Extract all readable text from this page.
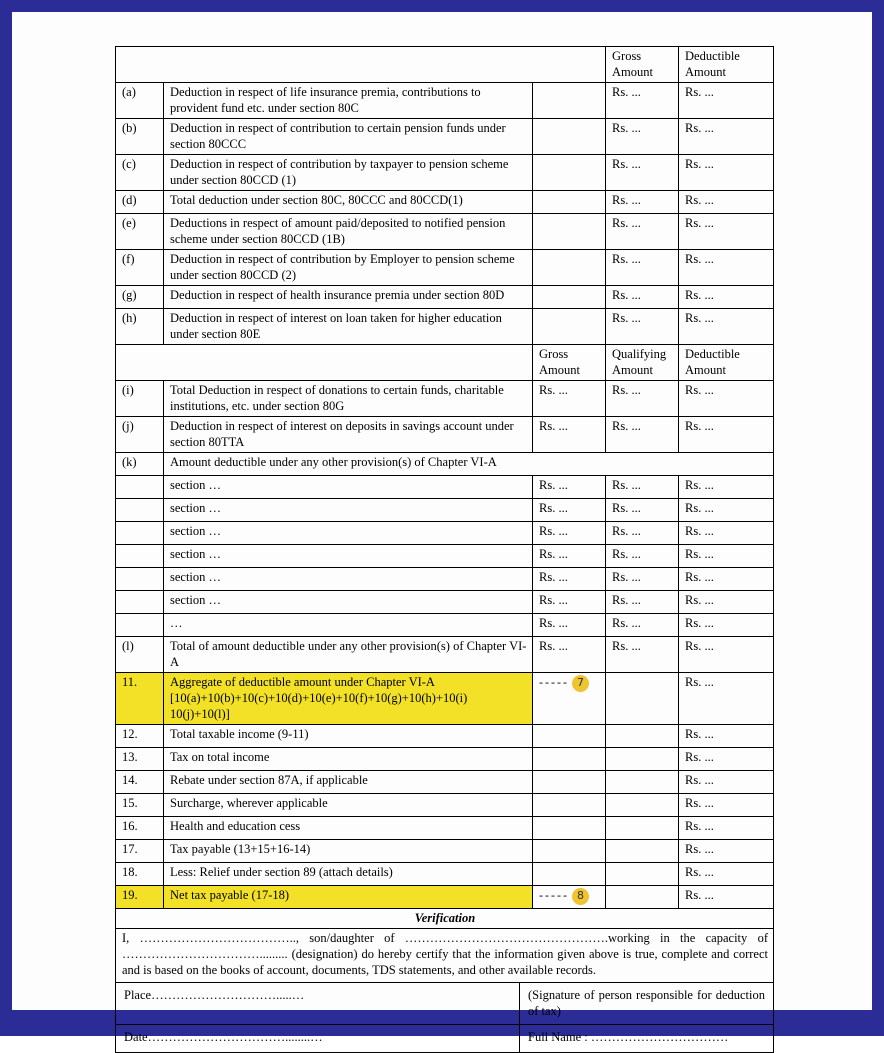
			Gross Amount	Deductible Amount
(a)	Deduction in respect of life insurance premia, contributions to provident fund etc. under section 80C		Rs. ...	Rs. ...
(b)	Deduction in respect of contribution to certain pension funds under section 80CCC		Rs. ...	Rs. ...
(c)	Deduction in respect of contribution by taxpayer to pension scheme under section 80CCD (1)		Rs. ...	Rs. ...
(d)	Total deduction under section 80C, 80CCC and 80CCD(1)		Rs. ...	Rs. ...
(e)	Deductions in respect of amount paid/deposited to notified pension scheme under section 80CCD (1B)		Rs. ...	Rs. ...
(f)	Deduction in respect of contribution by Employer to pension scheme under section 80CCD (2)		Rs. ...	Rs. ...
(g)	Deduction in respect of health insurance premia under section 80D		Rs. ...	Rs. ...
(h)	Deduction in respect of interest on loan taken for higher education under section 80E		Rs. ...	Rs. ...
		Gross Amount	Qualifying Amount	Deductible Amount
(i)	Total Deduction in respect of donations to certain funds, charitable institutions, etc. under section 80G	Rs. ...	Rs. ...	Rs. ...
(j)	Deduction in respect of interest on deposits in savings account under section 80TTA	Rs. ...	Rs. ...	Rs. ...
(k)	Amount deductible under any other provision(s) of Chapter VI-A			
	section …	Rs. ...	Rs. ...	Rs. ...
	section …	Rs. ...	Rs. ...	Rs. ...
	section …	Rs. ...	Rs. ...	Rs. ...
	section …	Rs. ...	Rs. ...	Rs. ...
	section …	Rs. ...	Rs. ...	Rs. ...
	section …	Rs. ...	Rs. ...	Rs. ...
	…	Rs. ...	Rs. ...	Rs. ...
(l)	Total of amount deductible under any other provision(s) of Chapter VI-A	Rs. ...	Rs. ...	Rs. ...
11.	Aggregate of deductible amount under Chapter VI-A [10(a)+10(b)+10(c)+10(d)+10(e)+10(f)+10(g)+10(h)+10(i) 10(j)+10(l)]	----- 7		Rs. ...
12.	Total taxable income (9-11)			Rs. ...
13.	Tax on total income			Rs. ...
14.	Rebate under section 87A, if applicable			Rs. ...
15.	Surcharge, wherever applicable			Rs. ...
16.	Health and education cess			Rs. ...
17.	Tax payable (13+15+16-14)			Rs. ...
18.	Less: Relief under section 89 (attach details)			Rs. ...
19.	Net tax payable (17-18)	----- 8		Rs. ...
Verification				
I, ……………………………….., son/daughter of ………………………………………….working in the capacity of ……………………………......... (designation) do hereby certify that the information given above is true, complete and correct and is based on the books of account, documents, TDS statements, and other available records.				
Place………………………….....…	(Signature of person responsible for deduction of tax)
Date……………………………........…	Full Name : ……………………………
